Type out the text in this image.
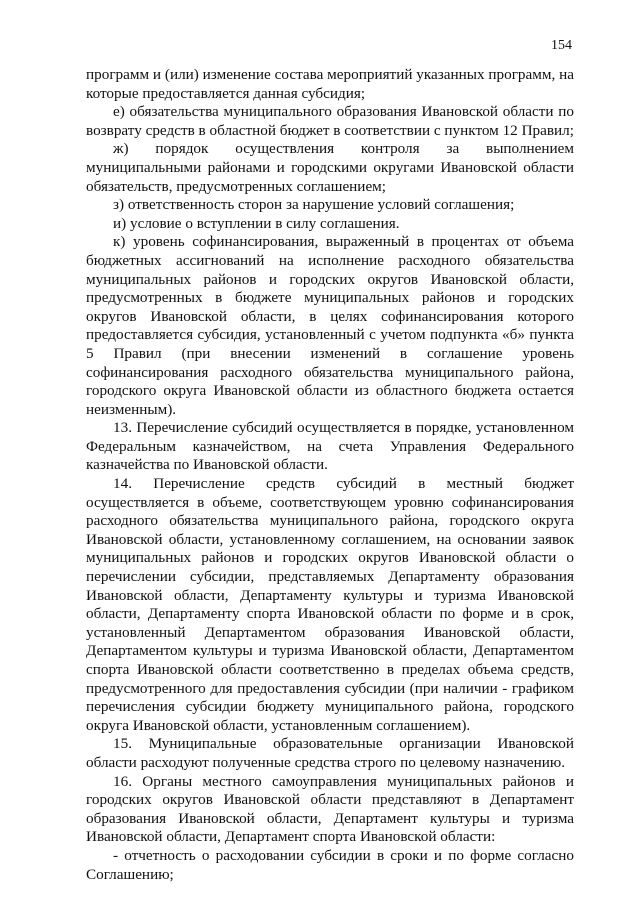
154

программ и (или) изменение состава мероприятий указанных программ, на которые предоставляется данная субсидия;

е) обязательства муниципального образования Ивановской области по возврату средств в областной бюджет в соответствии с пунктом 12 Правил;

ж) порядок осуществления контроля за выполнением муниципальными районами и городскими округами Ивановской области обязательств, предусмотренных соглашением;

з) ответственность сторон за нарушение условий соглашения;

и) условие о вступлении в силу соглашения.

к) уровень софинансирования, выраженный в процентах от объема бюджетных ассигнований на исполнение расходного обязательства муниципальных районов и городских округов Ивановской области, предусмотренных в бюджете муниципальных районов и городских округов Ивановской области, в целях софинансирования которого предоставляется субсидия, установленный с учетом подпункта «б» пункта 5 Правил (при внесении изменений в соглашение уровень софинансирования расходного обязательства муниципального района, городского округа Ивановской области из областного бюджета остается неизменным).

13. Перечисление субсидий осуществляется в порядке, установленном Федеральным казначейством, на счета Управления Федерального казначейства по Ивановской области.

14. Перечисление средств субсидий в местный бюджет осуществляется в объеме, соответствующем уровню софинансирования расходного обязательства муниципального района, городского округа Ивановской области, установленному соглашением, на основании заявок муниципальных районов и городских округов Ивановской области о перечислении субсидии, представляемых Департаменту образования Ивановской области, Департаменту культуры и туризма Ивановской области, Департаменту спорта Ивановской области по форме и в срок, установленный Департаментом образования Ивановской области, Департаментом культуры и туризма Ивановской области, Департаментом спорта Ивановской области соответственно в пределах объема средств, предусмотренного для предоставления субсидии (при наличии - графиком перечисления субсидии бюджету муниципального района, городского округа Ивановской области, установленным соглашением).

15. Муниципальные образовательные организации Ивановской области расходуют полученные средства строго по целевому назначению.

16. Органы местного самоуправления муниципальных районов и городских округов Ивановской области представляют в Департамент образования Ивановской области, Департамент культуры и туризма Ивановской области, Департамент спорта Ивановской области:

- отчетность о расходовании субсидии в сроки и по форме согласно Соглашению;
